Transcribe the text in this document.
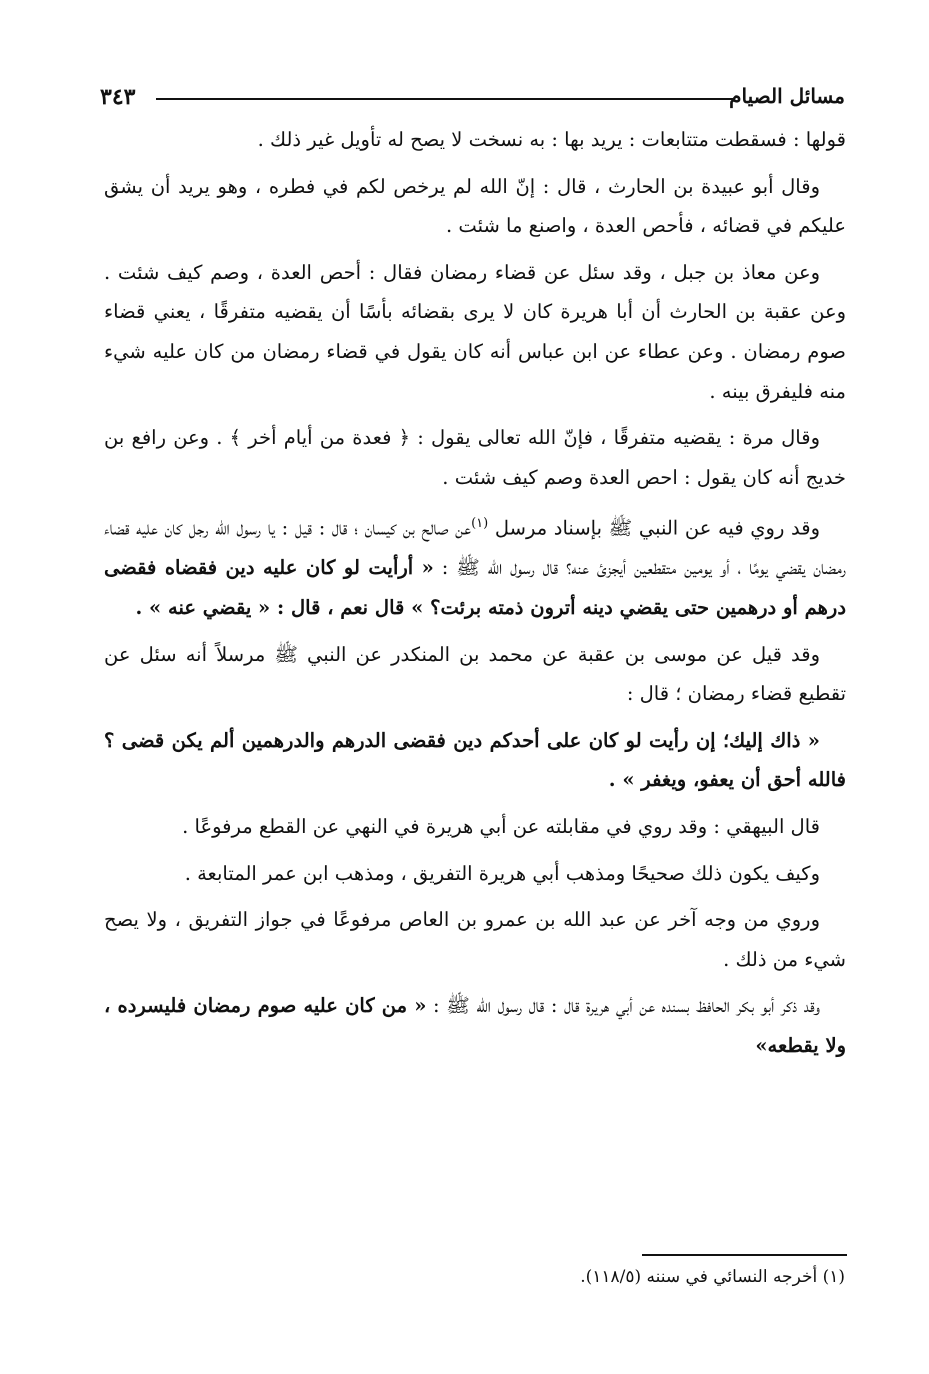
مسائل الصيام
٣٤٣

قولها : فسقطت متتابعات : يريد بها : به نسخت لا يصح له تأويل غير ذلك .

وقال أبو عبيدة بن الحارث ، قال : إنّ الله لم يرخص لكم في فطره ، وهو يريد أن يشق عليكم في قضائه ، فأحص العدة ، واصنع ما شئت .

وعن معاذ بن جبل ، وقد سئل عن قضاء رمضان فقال : أحص العدة ، وصم كيف شئت . وعن عقبة بن الحارث أن أبا هريرة كان لا يرى بقضائه بأسًا أن يقضيه متفرقًا ، يعني قضاء صوم رمضان . وعن عطاء عن ابن عباس أنه كان يقول في قضاء رمضان من كان عليه شيء منه فليفرق بينه .

وقال مرة : يقضيه متفرقًا ، فإنّ الله تعالى يقول : ﴿ فعدة من أيام أخر ﴾ . وعن رافع بن خديج أنه كان يقول : احص العدة وصم كيف شئت .

وقد روي فيه عن النبي ﷺ بإسناد مرسل $^{(١)}$عن صالح بن كيسان ؛ قال : قيل : يا رسول الله رجل كان عليه قضاء رمضان يقضي يومًا ، أو يومين متقطعين أيجزئ عنه؟ قال رسول الله ﷺ : « أرأيت لو كان عليه دين فقضاه فقضى درهم أو درهمين حتى يقضي دينه أترون ذمته برئت؟ » قال نعم ، قال : « يقضي عنه » .

وقد قيل عن موسى بن عقبة عن محمد بن المنكدر عن النبي ﷺ مرسلاً أنه سئل عن تقطيع قضاء رمضان ؛ قال :

« ذاك إليك؛ إن رأيت لو كان على أحدكم دين فقضى الدرهم والدرهمين ألم يكن قضى ؟ فالله أحق أن يعفو، ويغفر » .

قال البيهقي : وقد روي في مقابلته عن أبي هريرة في النهي عن القطع مرفوعًا .

وكيف يكون ذلك صحيحًا ومذهب أبي هريرة التفريق ، ومذهب ابن عمر المتابعة .

وروي من وجه آخر عن عبد الله بن عمرو بن العاص مرفوعًا في جواز التفريق ، ولا يصح شيء من ذلك .

وقد ذكر أبو بكر الحافظ بسنده عن أبي هريرة قال : قال رسول الله ﷺ : « من كان عليه صوم رمضان فليسرده ، ولا يقطعه»

(١) أخرجه النسائي في سننه (١١٨/٥).
